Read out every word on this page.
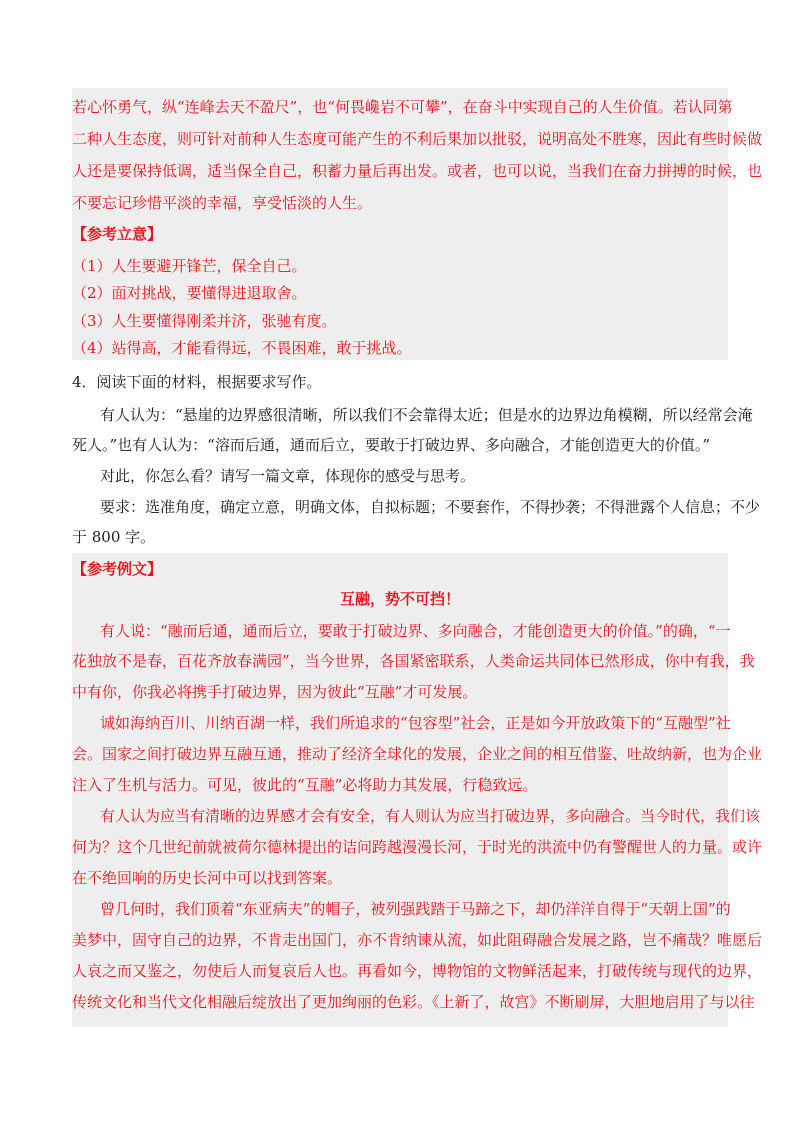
若心怀勇气，纵“连峰去天不盈尺”，也“何畏巉岩不可攀”，在奋斗中实现自己的人生价值。若认同第
二种人生态度，则可针对前种人生态度可能产生的不利后果加以批驳，说明高处不胜寒，因此有些时候做
人还是要保持低调，适当保全自己，积蓄力量后再出发。或者，也可以说，当我们在奋力拼搏的时候，也
不要忘记珍惜平淡的幸福，享受恬淡的人生。
【参考立意】
（1）人生要避开锋芒，保全自己。
（2）面对挑战，要懂得进退取舍。
（3）人生要懂得刚柔并济，张驰有度。
（4）站得高，才能看得远，不畏困难，敢于挑战。
4．阅读下面的材料，根据要求写作。
有人认为：“悬崖的边界感很清晰，所以我们不会靠得太近；但是水的边界边角模糊，所以经常会淹
死人。”也有人认为：“溶而后通，通而后立，要敢于打破边界、多向融合，才能创造更大的价值。”
对此，你怎么看？请写一篇文章，体现你的感受与思考。
要求：选准角度，确定立意，明确文体，自拟标题；不要套作，不得抄袭；不得泄露个人信息；不少
于 800 字。
【参考例文】
互融，势不可挡！
有人说：“融而后通，通而后立，要敢于打破边界、多向融合，才能创造更大的价值。”的确，“一
花独放不是春，百花齐放春满园”，当今世界，各国紧密联系，人类命运共同体已然形成，你中有我，我
中有你，你我必将携手打破边界，因为彼此“互融”才可发展。
诚如海纳百川、川纳百湖一样，我们所追求的“包容型”社会，正是如今开放政策下的“互融型”社
会。国家之间打破边界互融互通，推动了经济全球化的发展，企业之间的相互借鉴、吐故纳新，也为企业
注入了生机与活力。可见，彼此的“互融”必将助力其发展，行稳致远。
有人认为应当有清晰的边界感才会有安全，有人则认为应当打破边界，多向融合。当今时代，我们该
何为？这个几世纪前就被荷尔德林提出的诘问跨越漫漫长河，于时光的洪流中仍有警醒世人的力量。或许
在不绝回响的历史长河中可以找到答案。
曾几何时，我们顶着“东亚病夫”的帽子，被列强践踏于马蹄之下，却仍洋洋自得于“天朝上国”的
美梦中，固守自己的边界，不肯走出国门，亦不肯纳谏从流，如此阻碍融合发展之路，岂不痛哉？唯愿后
人哀之而又鉴之，勿使后人而复哀后人也。再看如今，博物馆的文物鲜活起来，打破传统与现代的边界，
传统文化和当代文化相融后绽放出了更加绚丽的色彩。《上新了，故宫》不断刷屏，大胆地启用了与以往
